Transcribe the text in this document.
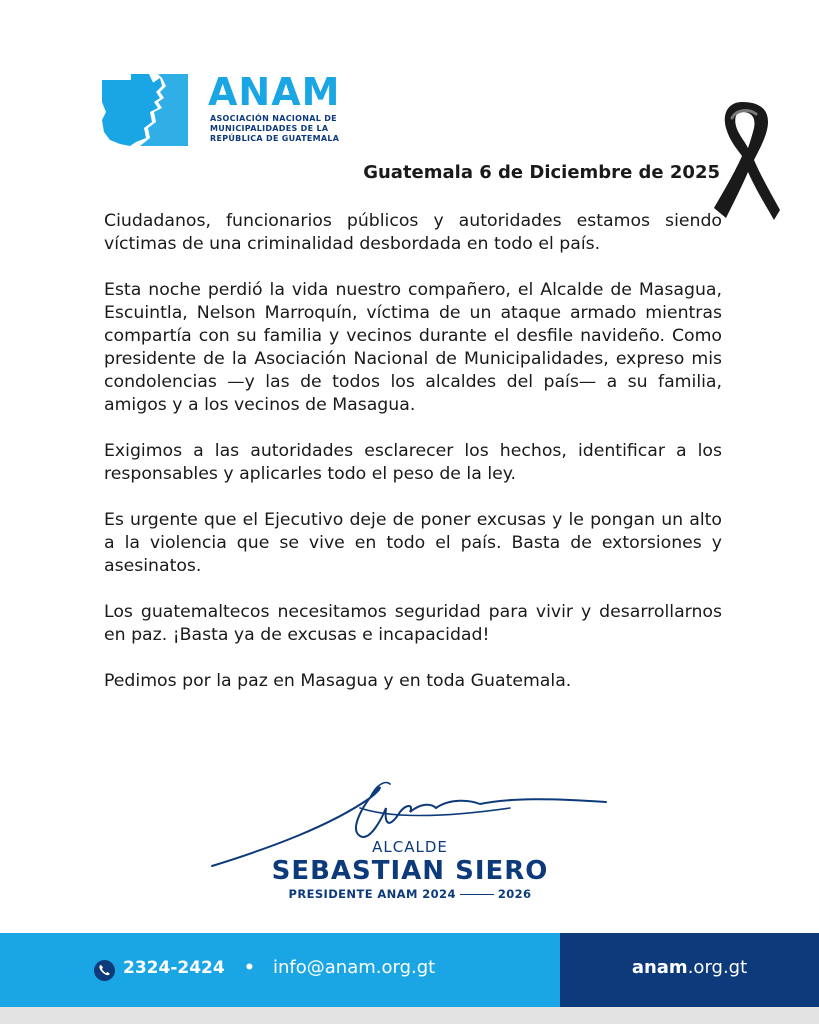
ANAM
ASOCIACIÓN NACIONAL DE
MUNICIPALIDADES DE LA
REPÚBLICA DE GUATEMALA
Guatemala 6 de Diciembre de 2025

Ciudadanos, funcionarios públicos y autoridades estamos siendo víctimas de una criminalidad desbordada en todo el país.

Esta noche perdió la vida nuestro compañero, el Alcalde de Masagua, Escuintla, Nelson Marroquín, víctima de un ataque armado mientras compartía con su familia y vecinos durante el desfile navideño. Como presidente de la Asociación Nacional de Municipalidades, expreso mis condolencias —y las de todos los alcaldes del país— a su familia, amigos y a los vecinos de Masagua.

Exigimos a las autoridades esclarecer los hechos, identificar a los responsables y aplicarles todo el peso de la ley.

Es urgente que el Ejecutivo deje de poner excusas y le pongan un alto a la violencia que se vive en todo el país. Basta de extorsiones y asesinatos.

Los guatemaltecos necesitamos seguridad para vivir y desarrollarnos en paz. ¡Basta ya de excusas e incapacidad!

Pedimos por la paz en Masagua y en toda Guatemala.

ALCALDE
SEBASTIAN SIERO
PRESIDENTE ANAM 2024	2026
2324-2424 • info@anam.org.gt	anam.org.gt
